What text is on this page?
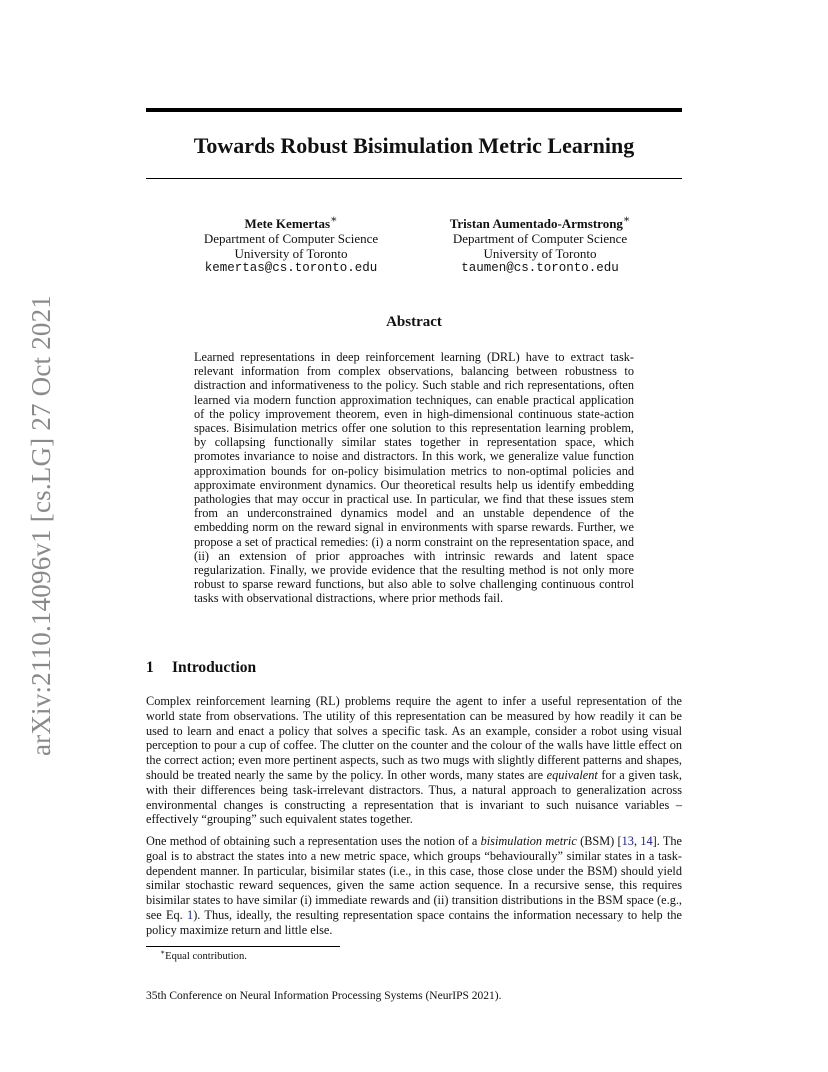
arXiv:2110.14096v1 [cs.LG] 27 Oct 2021
Towards Robust Bisimulation Metric Learning
Mete Kemertas∗
Department of Computer Science
University of Toronto
kemertas@cs.toronto.edu
Tristan Aumentado-Armstrong∗
Department of Computer Science
University of Toronto
taumen@cs.toronto.edu
Abstract
Learned representations in deep reinforcement learning (DRL) have to extract task-relevant information from complex observations, balancing between robustness to distraction and informativeness to the policy. Such stable and rich representations, often learned via modern function approximation techniques, can enable practical application of the policy improvement theorem, even in high-dimensional continuous state-action spaces. Bisimulation metrics offer one solution to this representation learning problem, by collapsing functionally similar states together in representation space, which promotes invariance to noise and distractors. In this work, we generalize value function approximation bounds for on-policy bisimulation metrics to non-optimal policies and approximate environment dynamics. Our theoretical results help us identify embedding pathologies that may occur in practical use. In particular, we find that these issues stem from an underconstrained dynamics model and an unstable dependence of the embedding norm on the reward signal in environments with sparse rewards. Further, we propose a set of practical remedies: (i) a norm constraint on the representation space, and (ii) an extension of prior approaches with intrinsic rewards and latent space regularization. Finally, we provide evidence that the resulting method is not only more robust to sparse reward functions, but also able to solve challenging continuous control tasks with observational distractions, where prior methods fail.
1 Introduction
Complex reinforcement learning (RL) problems require the agent to infer a useful representation of the world state from observations. The utility of this representation can be measured by how readily it can be used to learn and enact a policy that solves a specific task. As an example, consider a robot using visual perception to pour a cup of coffee. The clutter on the counter and the colour of the walls have little effect on the correct action; even more pertinent aspects, such as two mugs with slightly different patterns and shapes, should be treated nearly the same by the policy. In other words, many states are equivalent for a given task, with their differences being task-irrelevant distractors. Thus, a natural approach to generalization across environmental changes is constructing a representation that is invariant to such nuisance variables – effectively “grouping” such equivalent states together.
One method of obtaining such a representation uses the notion of a bisimulation metric (BSM) [13, 14]. The goal is to abstract the states into a new metric space, which groups “behaviourally” similar states in a task-dependent manner. In particular, bisimilar states (i.e., in this case, those close under the BSM) should yield similar stochastic reward sequences, given the same action sequence. In a recursive sense, this requires bisimilar states to have similar (i) immediate rewards and (ii) transition distributions in the BSM space (e.g., see Eq. 1). Thus, ideally, the resulting representation space contains the information necessary to help the policy maximize return and little else.
∗Equal contribution.
35th Conference on Neural Information Processing Systems (NeurIPS 2021).
